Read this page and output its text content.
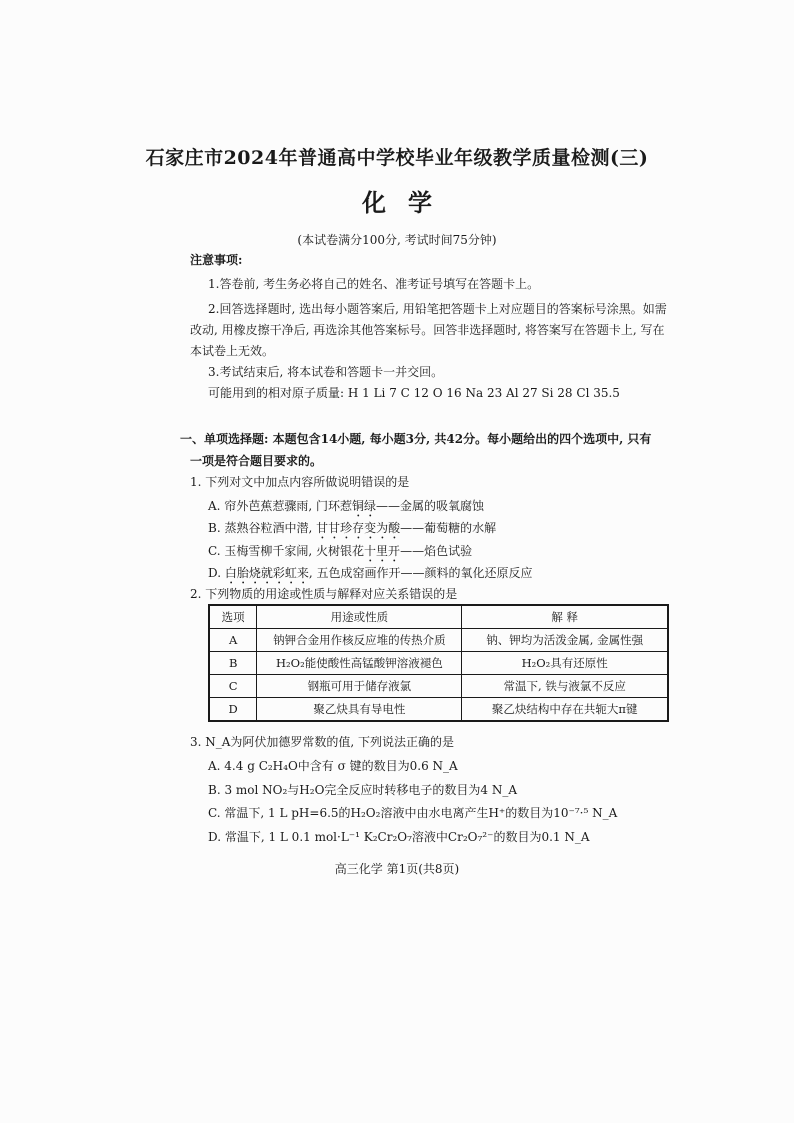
石家庄市2024年普通高中学校毕业年级教学质量检测(三)
化学
(本试卷满分100分, 考试时间75分钟)
注意事项:
1.答卷前, 考生务必将自己的姓名、准考证号填写在答题卡上。
2.回答选择题时, 选出每小题答案后, 用铅笔把答题卡上对应题目的答案标号涂黑。如需
改动, 用橡皮擦干净后, 再选涂其他答案标号。回答非选择题时, 将答案写在答题卡上, 写在
本试卷上无效。
3.考试结束后, 将本试卷和答题卡一并交回。
可能用到的相对原子质量: H 1 Li 7 C 12 O 16 Na 23 Al 27 Si 28 Cl 35.5
一、单项选择题: 本题包含14小题, 每小题3分, 共42分。每小题给出的四个选项中, 只有
一项是符合题目要求的。
1. 下列对文中加点内容所做说明错误的是
A. 帘外芭蕉惹骤雨, 门环惹铜绿——金属的吸氧腐蚀
B. 蒸熟谷粒酒中潜, 甘甘珍存变为酸——葡萄糖的水解
C. 玉梅雪柳千家闹, 火树银花十里开——焰色试验
D. 白胎烧就彩虹来, 五色成窑画作开——颜料的氧化还原反应
2. 下列物质的用途或性质与解释对应关系错误的是
选项	用途或性质	解 释
A	钠钾合金用作核反应堆的传热介质	钠、钾均为活泼金属, 金属性强
B	H₂O₂能使酸性高锰酸钾溶液褪色	H₂O₂具有还原性
C	钢瓶可用于储存液氯	常温下, 铁与液氯不反应
D	聚乙炔具有导电性	聚乙炔结构中存在共轭大π键
3. N_A为阿伏加德罗常数的值, 下列说法正确的是
A. 4.4 g C₂H₄O中含有 σ 键的数目为0.6 N_A
B. 3 mol NO₂与H₂O完全反应时转移电子的数目为4 N_A
C. 常温下, 1 L pH=6.5的H₂O₂溶液中由水电离产生H⁺的数目为10⁻⁷·⁵ N_A
D. 常温下, 1 L 0.1 mol·L⁻¹ K₂Cr₂O₇溶液中Cr₂O₇²⁻的数目为0.1 N_A
高三化学 第1页(共8页)
